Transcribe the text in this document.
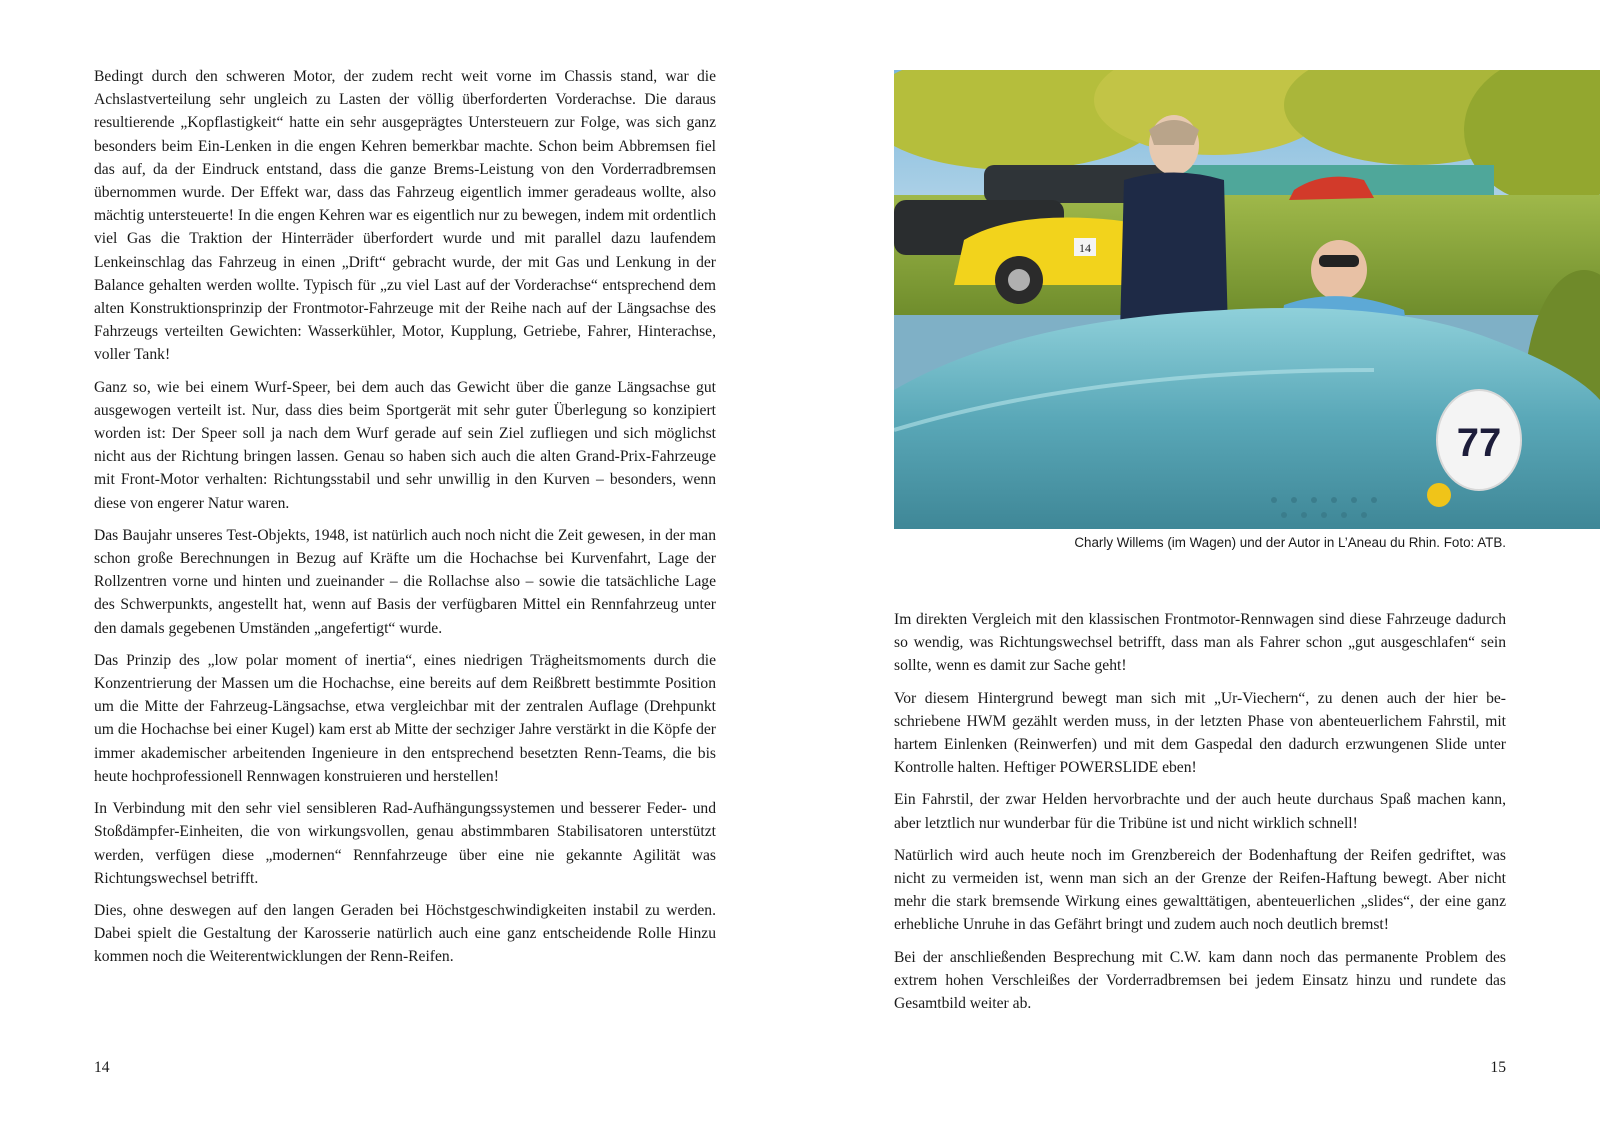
Bedingt durch den schweren Motor, der zudem recht weit vorne im Chassis stand, war die Achslastverteilung sehr ungleich zu Lasten der völlig überforderten Vorderachse. Die daraus resultierende „Kopflastigkeit“ hatte ein sehr ausgeprägtes Untersteuern zur Folge, was sich ganz besonders beim Ein-Lenken in die engen Kehren bemerkbar machte. Schon beim Abbremsen fiel das auf, da der Eindruck entstand, dass die ganze Brems-Leistung von den Vorderradbremsen übernommen wurde. Der Effekt war, dass das Fahrzeug eigentlich immer geradeaus wollte, also mächtig untersteuerte! In die engen Kehren war es eigentlich nur zu bewegen, indem mit ordentlich viel Gas die Traktion der Hinterräder überfordert wurde und mit parallel dazu laufendem Lenkeinschlag das Fahrzeug in einen „Drift“ gebracht wurde, der mit Gas und Lenkung in der Balance gehalten werden wollte. Typisch für „zu viel Last auf der Vorderachse“ entsprechend dem alten Konstruktionsprinzip der Frontmotor-Fahrzeuge mit der Reihe nach auf der Längsachse des Fahrzeugs verteilten Gewichten: Wasserkühler, Motor, Kupplung, Getriebe, Fahrer, Hinterachse, voller Tank!

Ganz so, wie bei einem Wurf-Speer, bei dem auch das Gewicht über die ganze Längsachse gut ausgewogen verteilt ist. Nur, dass dies beim Sportgerät mit sehr guter Überlegung so konzipiert worden ist: Der Speer soll ja nach dem Wurf gerade auf sein Ziel zufliegen und sich möglichst nicht aus der Richtung bringen lassen. Genau so haben sich auch die alten Grand-Prix-Fahrzeuge mit Front-Motor verhalten: Richtungsstabil und sehr unwillig in den Kurven – besonders, wenn diese von engerer Natur waren.

Das Baujahr unseres Test-Objekts, 1948, ist natürlich auch noch nicht die Zeit gewesen, in der man schon große Berechnungen in Bezug auf Kräfte um die Hochachse bei Kurvenfahrt, Lage der Rollzentren vorne und hinten und zueinander – die Rollachse also – sowie die tatsächliche Lage des Schwerpunkts, angestellt hat, wenn auf Basis der verfügbaren Mittel ein Rennfahrzeug unter den damals gegebenen Umständen „angefertigt“ wurde.

Das Prinzip des „low polar moment of inertia“, eines niedrigen Trägheitsmoments durch die Konzentrierung der Massen um die Hochachse, eine bereits auf dem Reißbrett bestimmte Position um die Mitte der Fahrzeug-Längsachse, etwa vergleichbar mit der zentralen Auflage (Drehpunkt um die Hochachse bei einer Kugel) kam erst ab Mitte der sechziger Jahre verstärkt in die Köpfe der immer akademischer arbeitenden Ingenieure in den entsprechend besetzten Renn-Teams, die bis heute hochprofessionell Rennwagen konstruieren und herstellen!

In Verbindung mit den sehr viel sensibleren Rad-Aufhängungssystemen und besserer Feder- und Stoßdämpfer-Einheiten, die von wirkungsvollen, genau abstimmbaren Stabilisatoren unterstützt werden, verfügen diese „modernen“ Rennfahrzeuge über eine nie gekannte Agilität was Richtungswechsel betrifft.

Dies, ohne deswegen auf den langen Geraden bei Höchstgeschwindigkeiten instabil zu werden. Dabei spielt die Gestaltung der Karosserie natürlich auch eine ganz entscheidende Rolle Hinzu kommen noch die Weiterentwicklungen der Renn-Reifen.

14
14
77
Charly Willems (im Wagen) und der Autor in L’Aneau du Rhin. Foto: ATB.

Im direkten Vergleich mit den klassischen Frontmotor-Rennwagen sind diese Fahrzeuge dadurch so wendig, was Richtungswechsel betrifft, dass man als Fahrer schon „gut ausgeschlafen“ sein sollte, wenn es damit zur Sache geht!

Vor diesem Hintergrund bewegt man sich mit „Ur-Viechern“, zu denen auch der hier beschriebene HWM gezählt werden muss, in der letzten Phase von abenteuerlichem Fahrstil, mit hartem Einlenken (Reinwerfen) und mit dem Gaspedal den dadurch erzwungenen Slide unter Kontrolle halten. Heftiger POWERSLIDE eben!

Ein Fahrstil, der zwar Helden hervorbrachte und der auch heute durchaus Spaß machen kann, aber letztlich nur wunderbar für die Tribüne ist und nicht wirklich schnell!

Natürlich wird auch heute noch im Grenzbereich der Bodenhaftung der Reifen gedriftet, was nicht zu vermeiden ist, wenn man sich an der Grenze der Reifen-Haftung bewegt. Aber nicht mehr die stark bremsende Wirkung eines gewalttätigen, abenteuerlichen „slides“, der eine ganz erhebliche Unruhe in das Gefährt bringt und zudem auch noch deutlich bremst!

Bei der anschließenden Besprechung mit C.W. kam dann noch das permanente Problem des extrem hohen Verschleißes der Vorderradbremsen bei jedem Einsatz hinzu und rundete das Gesamtbild weiter ab.

15
